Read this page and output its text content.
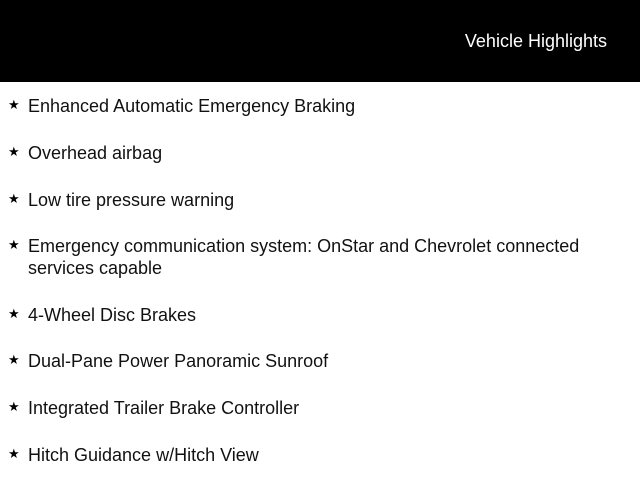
Vehicle Highlights
★ Enhanced Automatic Emergency Braking
★ Overhead airbag
★ Low tire pressure warning
★ Emergency communication system: OnStar and Chevrolet connected services capable
★ 4-Wheel Disc Brakes
★ Dual-Pane Power Panoramic Sunroof
★ Integrated Trailer Brake Controller
★ Hitch Guidance w/Hitch View
